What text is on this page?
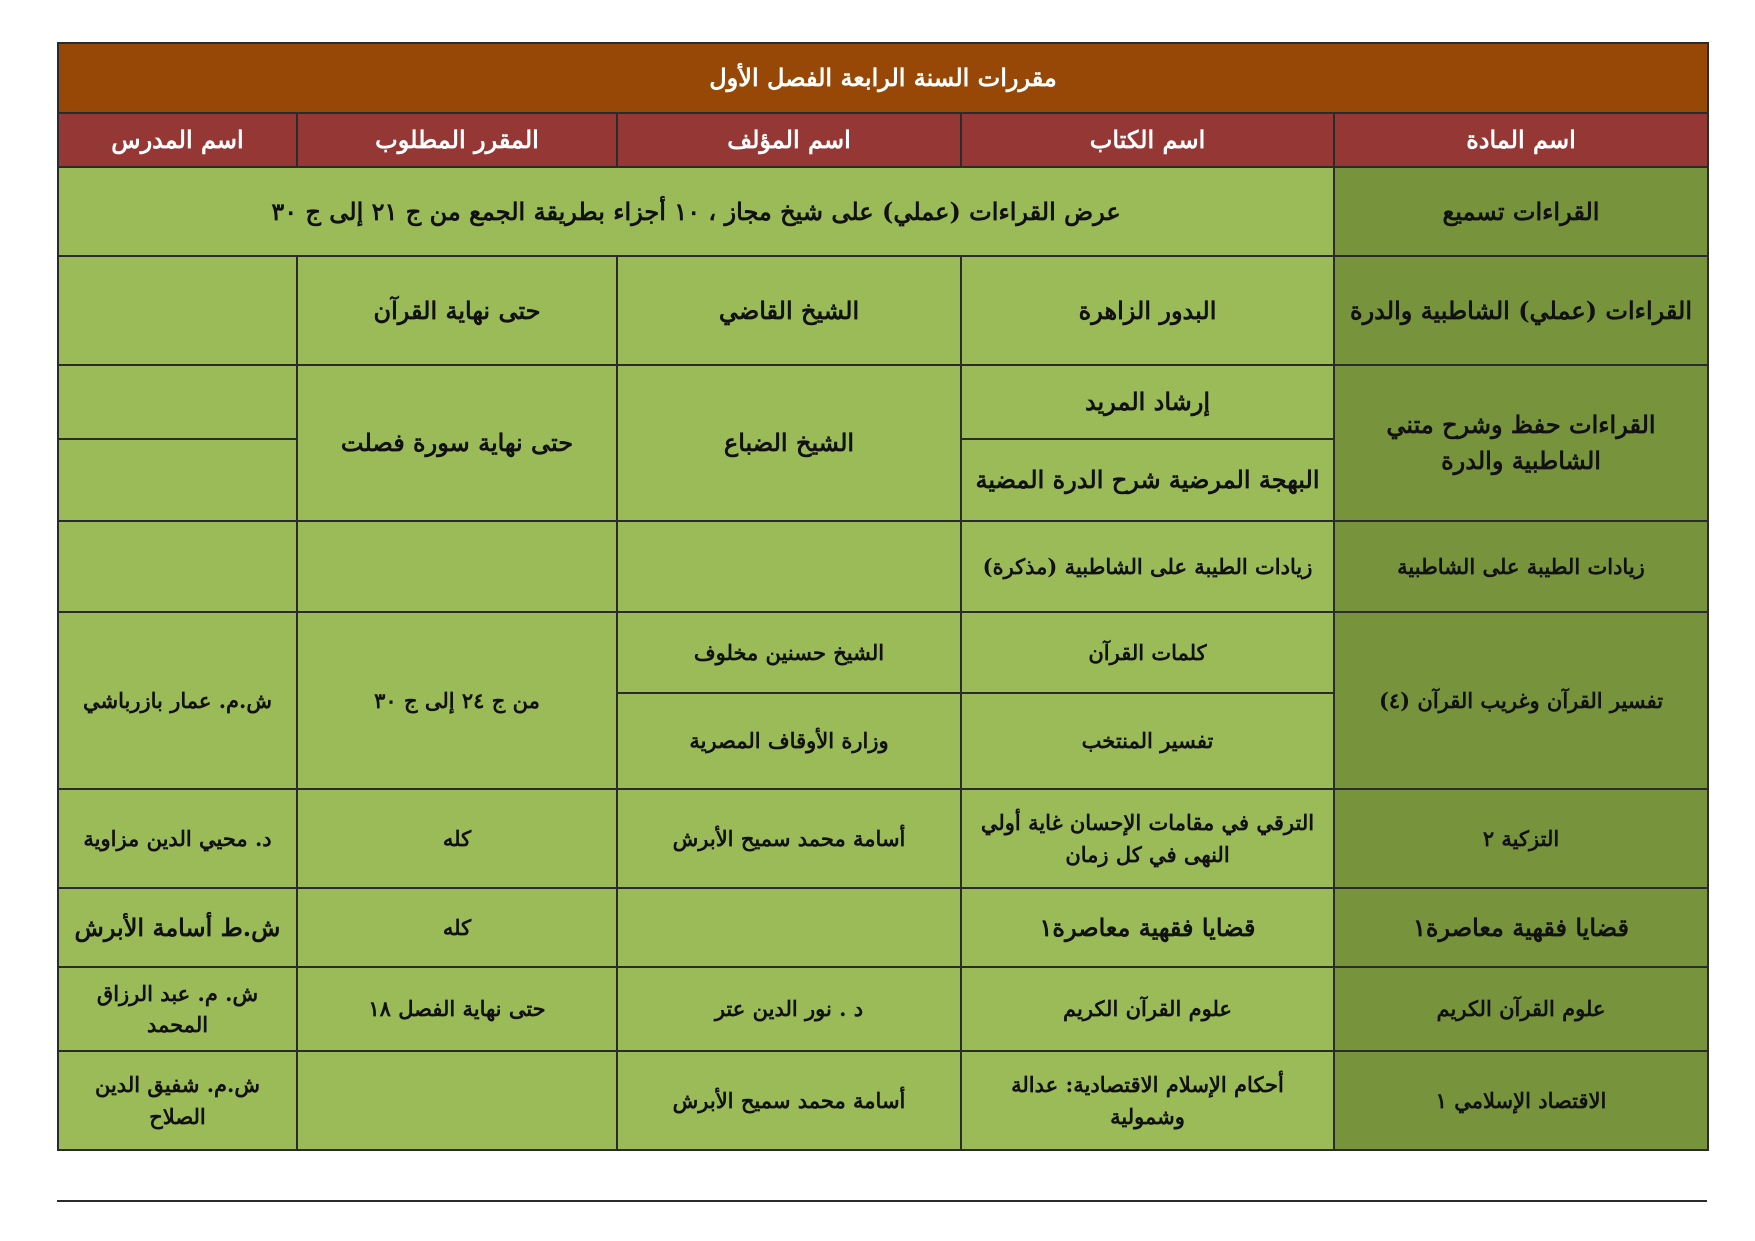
مقررات السنة الرابعة الفصل الأول				
اسم المادة	اسم الكتاب	اسم المؤلف	المقرر المطلوب	اسم المدرس
القراءات تسميع	عرض القراءات (عملي) على شيخ مجاز ، ١٠ أجزاء بطريقة الجمع من ج ٢١ إلى ج ٣٠			
القراءات (عملي) الشاطبية والدرة	البدور الزاهرة	الشيخ القاضي	حتى نهاية القرآن	
القراءات حفظ وشرح متني الشاطبية والدرة	إرشاد المريد	الشيخ الضباع	حتى نهاية سورة فصلت	
	البهجة المرضية شرح الدرة المضية			
زيادات الطيبة على الشاطبية	زيادات الطيبة على الشاطبية (مذكرة)			
تفسير القرآن وغريب القرآن (٤)	كلمات القرآن	الشيخ حسنين مخلوف	من ج ٢٤ إلى ج ٣٠	ش.م. عمار بازرباشي
	تفسير المنتخب	وزارة الأوقاف المصرية		
التزكية ٢	الترقي في مقامات الإحسان غاية أولي النهى في كل زمان	أسامة محمد سميح الأبرش	كله	د. محيي الدين مزاوية
قضايا فقهية معاصرة١	قضايا فقهية معاصرة١		كله	ش.ط أسامة الأبرش
علوم القرآن الكريم	علوم القرآن الكريم	د . نور الدين عتر	حتى نهاية الفصل ١٨	ش. م. عبد الرزاق المحمد
الاقتصاد الإسلامي ١	أحكام الإسلام الاقتصادية: عدالة وشمولية	أسامة محمد سميح الأبرش		ش.م. شفيق الدين الصلاح
